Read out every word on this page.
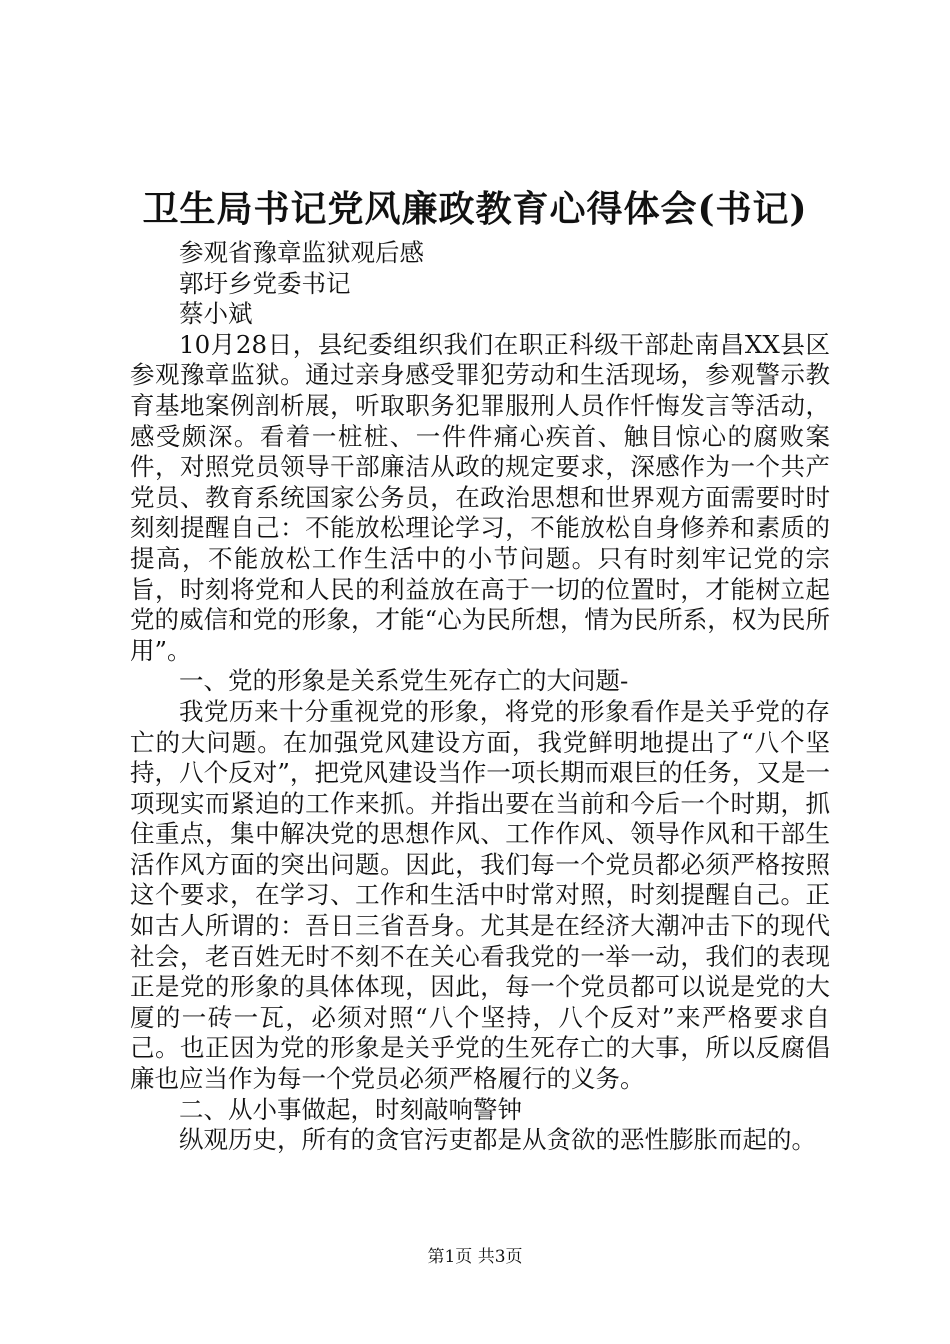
卫生局书记党风廉政教育心得体会(书记)

参观省豫章监狱观后感

郭圩乡党委书记

蔡小斌

10月28日，县纪委组织我们在职正科级干部赴南昌XX县区参观豫章监狱。通过亲身感受罪犯劳动和生活现场，参观警示教育基地案例剖析展，听取职务犯罪服刑人员作忏悔发言等活动，感受颇深。看着一桩桩、一件件痛心疾首、触目惊心的腐败案件，对照党员领导干部廉洁从政的规定要求，深感作为一个共产党员、教育系统国家公务员，在政治思想和世界观方面需要时时刻刻提醒自己：不能放松理论学习，不能放松自身修养和素质的提高，不能放松工作生活中的小节问题。只有时刻牢记党的宗旨，时刻将党和人民的利益放在高于一切的位置时，才能树立起党的威信和党的形象，才能“心为民所想，情为民所系，权为民所用”。

一、党的形象是关系党生死存亡的大问题-

我党历来十分重视党的形象，将党的形象看作是关乎党的存亡的大问题。在加强党风建设方面，我党鲜明地提出了“八个坚持，八个反对”，把党风建设当作一项长期而艰巨的任务，又是一项现实而紧迫的工作来抓。并指出要在当前和今后一个时期，抓住重点，集中解决党的思想作风、工作作风、领导作风和干部生活作风方面的突出问题。因此，我们每一个党员都必须严格按照这个要求，在学习、工作和生活中时常对照，时刻提醒自己。正如古人所谓的：吾日三省吾身。尤其是在经济大潮冲击下的现代社会，老百姓无时不刻不在关心看我党的一举一动，我们的表现正是党的形象的具体体现，因此，每一个党员都可以说是党的大厦的一砖一瓦，必须对照“八个坚持，八个反对”来严格要求自己。也正因为党的形象是关乎党的生死存亡的大事，所以反腐倡廉也应当作为每一个党员必须严格履行的义务。

二、从小事做起，时刻敲响警钟

纵观历史，所有的贪官污吏都是从贪欲的恶性膨胀而起的。

第1页 共3页
